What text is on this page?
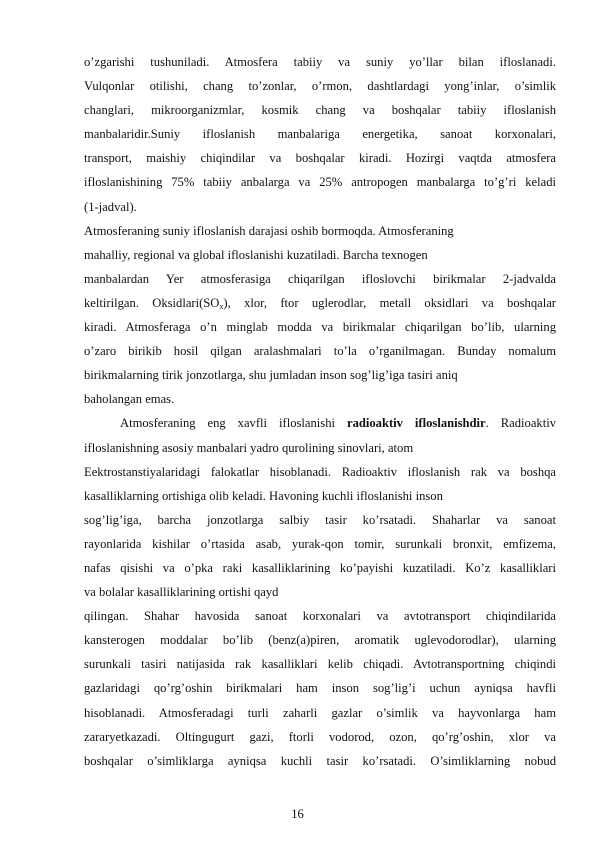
o’zgarishi tushuniladi. Atmosfera tabiiy va suniy yo’llar bilan ifloslanadi.
Vulqonlar otilishi, chang to’zonlar, o’rmon, dashtlardagi yong’inlar, o’simlik
changlari, mikroorganizmlar, kosmik chang va boshqalar tabiiy ifloslanish
manbalaridir.Suniy ifloslanish manbalariga energetika, sanoat korxonalari,
transport, maishiy chiqindilar va boshqalar kiradi. Hozirgi vaqtda atmosfera
ifloslanishining 75% tabiiy anbalarga va 25% antropogen manbalarga to’g’ri keladi
(1-jadval).
Atmosferaning suniy ifloslanish darajasi oshib bormoqda. Atmosferaning
mahalliy, regional va global ifloslanishi kuzatiladi. Barcha texnogen
manbalardan Yer atmosferasiga chiqarilgan ifloslovchi birikmalar 2-jadvalda
keltirilgan. $Oksidlari(SO_x)$, xlor, ftor uglerodlar, metall oksidlari va boshqalar
kiradi. Atmosferaga o’n minglab modda va birikmalar chiqarilgan bo’lib, ularning
o’zaro birikib hosil qilgan aralashmalari to’la o’rganilmagan. Bunday nomalum
birikmalarning tirik jonzotlarga, shu jumladan inson sog’lig’iga tasiri aniq
baholangan emas.
Atmosferaning eng xavfli ifloslanishi radioaktiv ifloslanishdir. Radioaktiv
ifloslanishning asosiy manbalari yadro qurolining sinovlari, atom
Eektrostanstiyalaridagi falokatlar hisoblanadi. Radioaktiv ifloslanish rak va boshqa
kasalliklarning ortishiga olib keladi. Havoning kuchli ifloslanishi inson
sog’lig’iga, barcha jonzotlarga salbiy tasir ko’rsatadi. Shaharlar va sanoat
rayonlarida kishilar o’rtasida asab, yurak-qon tomir, surunkali bronxit, emfizema,
nafas qisishi va o’pka raki kasalliklarining ko’payishi kuzatiladi. Ko’z kasalliklari
va bolalar kasalliklarining ortishi qayd
qilingan. Shahar havosida sanoat korxonalari va avtotransport chiqindilarida
kansterogen moddalar bo’lib (benz(a)piren, aromatik uglevodorodlar), ularning
surunkali tasiri natijasida rak kasalliklari kelib chiqadi. Avtotransportning chiqindi
gazlaridagi qo’rg’oshin birikmalari ham inson sog’lig’i uchun ayniqsa havfli
hisoblanadi. Atmosferadagi turli zaharli gazlar o’simlik va hayvonlarga ham
zararyetkazadi. Oltingugurt gazi, ftorli vodorod, ozon, qo’rg’oshin, xlor va
boshqalar o’simliklarga ayniqsa kuchli tasir ko’rsatadi. O’simliklarning nobud
16
